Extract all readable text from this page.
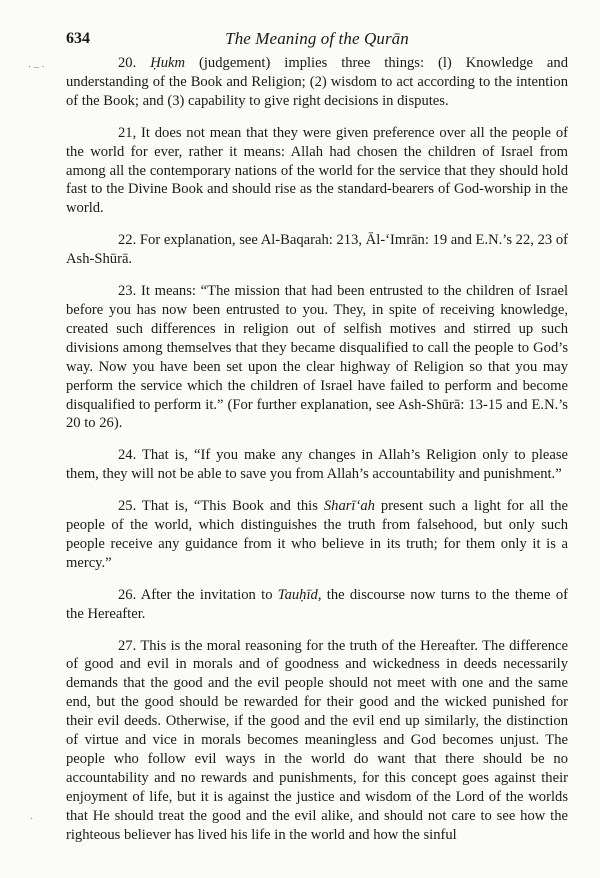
· – ·
·
634	The Meaning of the Qurān

20. Ḥukm (judgement) implies three things: (l) Knowledge and understanding of the Book and Religion; (2) wisdom to act according to the intention of the Book; and (3) capability to give right decisions in disputes.

21, It does not mean that they were given preference over all the people of the world for ever, rather it means: Allah had chosen the children of Israel from among all the contemporary nations of the world for the service that they should hold fast to the Divine Book and should rise as the standard-bearers of God-worship in the world.

22. For explanation, see Al-Baqarah: 213, Āl-‘Imrān: 19 and E.N.’s 22, 23 of Ash-Shūrā.

23. It means: “The mission that had been entrusted to the children of Israel before you has now been entrusted to you. They, in spite of receiving knowledge, created such differences in religion out of selfish motives and stirred up such divisions among themselves that they became disqualified to call the people to God’s way. Now you have been set upon the clear highway of Religion so that you may perform the service which the children of Israel have failed to perform and become disqualified to perform it.” (For further explanation, see Ash-Shūrā: 13-15 and E.N.’s 20 to 26).

24. That is, “If you make any changes in Allah’s Religion only to please them, they will not be able to save you from Allah’s accountability and punishment.”

25. That is, “This Book and this Sharī‘ah present such a light for all the people of the world, which distinguishes the truth from falsehood, but only such people receive any guidance from it who believe in its truth; for them only it is a mercy.”

26. After the invitation to Tauḥīd, the discourse now turns to the theme of the Hereafter.

27. This is the moral reasoning for the truth of the Hereafter. The difference of good and evil in morals and of goodness and wickedness in deeds necessarily demands that the good and the evil people should not meet with one and the same end, but the good should be rewarded for their good and the wicked punished for their evil deeds. Otherwise, if the good and the evil end up similarly, the distinction of virtue and vice in morals becomes meaningless and God becomes unjust. The people who follow evil ways in the world do want that there should be no accountability and no rewards and punishments, for this concept goes against their enjoyment of life, but it is against the justice and wisdom of the Lord of the worlds that He should treat the good and the evil alike, and should not care to see how the righteous believer has lived his life in the world and how the sinful
